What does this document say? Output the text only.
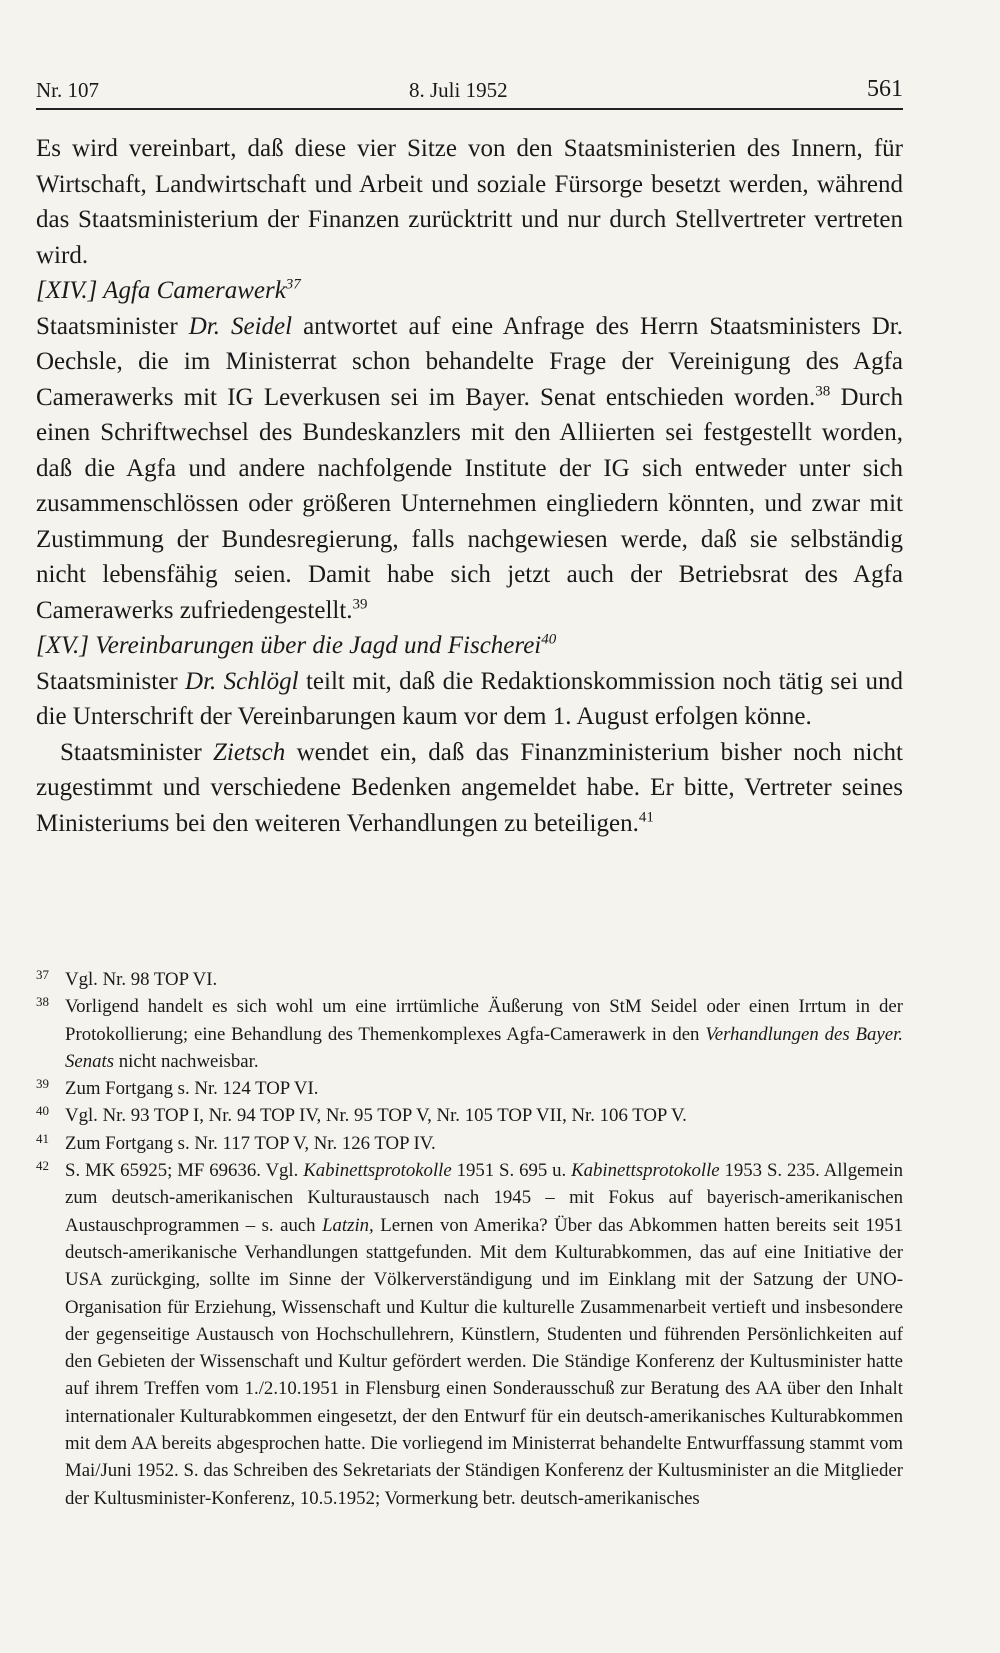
Nr. 107	8. Juli 1952	561

Es wird vereinbart, daß diese vier Sitze von den Staatsministerien des Innern, für Wirtschaft, Landwirtschaft und Arbeit und soziale Fürsorge besetzt werden, während das Staatsministerium der Finanzen zurücktritt und nur durch Stellvertreter vertreten wird.

[XIV.] Agfa Camerawerk$^{37}$

Staatsminister Dr. Seidel antwortet auf eine Anfrage des Herrn Staatsministers Dr. Oechsle, die im Ministerrat schon behandelte Frage der Vereinigung des Agfa Camerawerks mit IG Leverkusen sei im Bayer. Senat entschieden worden.$^{38}$ Durch einen Schriftwechsel des Bundeskanzlers mit den Alliierten sei festgestellt worden, daß die Agfa und andere nachfolgende Institute der IG sich entweder unter sich zusammenschlössen oder größeren Unternehmen eingliedern könnten, und zwar mit Zustimmung der Bundesregierung, falls nachgewiesen werde, daß sie selbständig nicht lebensfähig seien. Damit habe sich jetzt auch der Betriebsrat des Agfa Camerawerks zufriedengestellt.$^{39}$

[XV.] Vereinbarungen über die Jagd und Fischerei$^{40}$

Staatsminister Dr. Schlögl teilt mit, daß die Redaktionskommission noch tätig sei und die Unterschrift der Vereinbarungen kaum vor dem 1. August erfolgen könne.

Staatsminister Zietsch wendet ein, daß das Finanzministerium bisher noch nicht zugestimmt und verschiedene Bedenken angemeldet habe. Er bitte, Vertreter seines Ministeriums bei den weiteren Verhandlungen zu beteiligen.$^{41}$

37 Vgl. Nr. 98 TOP VI.

38 Vorligend handelt es sich wohl um eine irrtümliche Äußerung von StM Seidel oder einen Irrtum in der Protokollierung; eine Behandlung des Themenkomplexes Agfa-Camerawerk in den Verhandlungen des Bayer. Senats nicht nachweisbar.

39 Zum Fortgang s. Nr. 124 TOP VI.

40 Vgl. Nr. 93 TOP I, Nr. 94 TOP IV, Nr. 95 TOP V, Nr. 105 TOP VII, Nr. 106 TOP V.

41 Zum Fortgang s. Nr. 117 TOP V, Nr. 126 TOP IV.

42 S. MK 65925; MF 69636. Vgl. Kabinettsprotokolle 1951 S. 695 u. Kabinettsprotokolle 1953 S. 235. Allgemein zum deutsch-amerikanischen Kulturaustausch nach 1945 – mit Fokus auf bayerisch-amerikanischen Austauschprogrammen – s. auch Latzin, Lernen von Amerika? Über das Abkommen hatten bereits seit 1951 deutsch-amerikanische Verhandlungen stattgefunden. Mit dem Kulturabkommen, das auf eine Initiative der USA zurückging, sollte im Sinne der Völkerverständigung und im Einklang mit der Satzung der UNO-Organisation für Erziehung, Wissenschaft und Kultur die kulturelle Zusammenarbeit vertieft und insbesondere der gegenseitige Austausch von Hochschullehrern, Künstlern, Studenten und führenden Persönlichkeiten auf den Gebieten der Wissenschaft und Kultur gefördert werden. Die Ständige Konferenz der Kultusminister hatte auf ihrem Treffen vom 1./2.10.1951 in Flensburg einen Sonderausschuß zur Beratung des AA über den Inhalt internationaler Kulturabkommen eingesetzt, der den Entwurf für ein deutsch-amerikanisches Kulturabkommen mit dem AA bereits abgesprochen hatte. Die vorliegend im Ministerrat behandelte Entwurffassung stammt vom Mai/Juni 1952. S. das Schreiben des Sekretariats der Ständigen Konferenz der Kultusminister an die Mitglieder der Kultusminister-Konferenz, 10.5.1952; Vormerkung betr. deutsch-amerikanisches
